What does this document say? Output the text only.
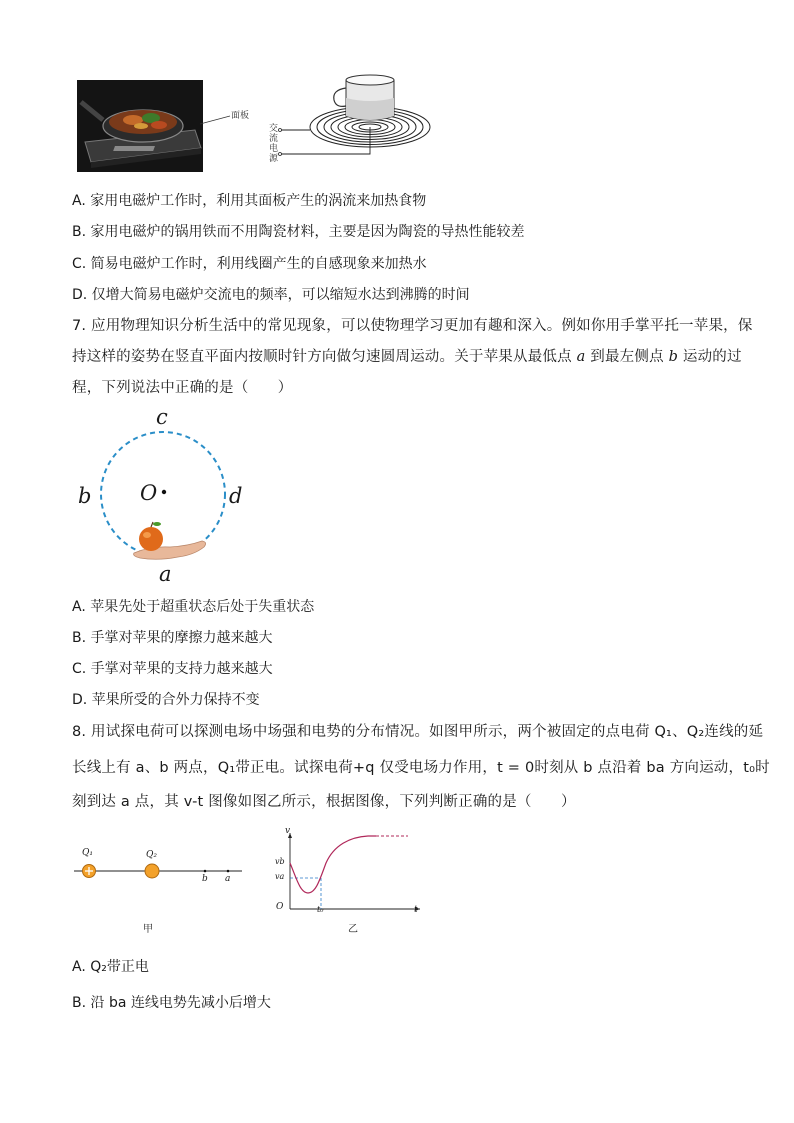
面板
交
流
电
源
A. 家用电磁炉工作时，利用其面板产生的涡流来加热食物
B. 家用电磁炉的锅用铁而不用陶瓷材料，主要是因为陶瓷的导热性能较差
C. 简易电磁炉工作时，利用线圈产生的自感现象来加热水
D. 仅增大简易电磁炉交流电的频率，可以缩短水达到沸腾的时间
7. 应用物理知识分析生活中的常见现象，可以使物理学习更加有趣和深入。例如你用手掌平托一苹果，保
持这样的姿势在竖直平面内按顺时针方向做匀速圆周运动。关于苹果从最低点 a 到最左侧点 b 运动的过
程，下列说法中正确的是（　　）
c
b O	d
a
A. 苹果先处于超重状态后处于失重状态
B. 手掌对苹果的摩擦力越来越大
C. 手掌对苹果的支持力越来越大
D. 苹果所受的合外力保持不变
8. 用试探电荷可以探测电场中场强和电势的分布情况。如图甲所示，两个被固定的点电荷 Q₁、Q₂连线的延
长线上有 a、b 两点，Q₁带正电。试探电荷+q 仅受电场力作用，t = 0时刻从 b 点沿着 ba 方向运动，t₀时
刻到达 a 点，其 v-t 图像如图乙所示，根据图像，下列判断正确的是（　　）
Q₁	Q₂
b a
甲
v
vb
va
O	t₀	t
乙
A. Q₂带正电
B. 沿 ba 连线电势先减小后增大
